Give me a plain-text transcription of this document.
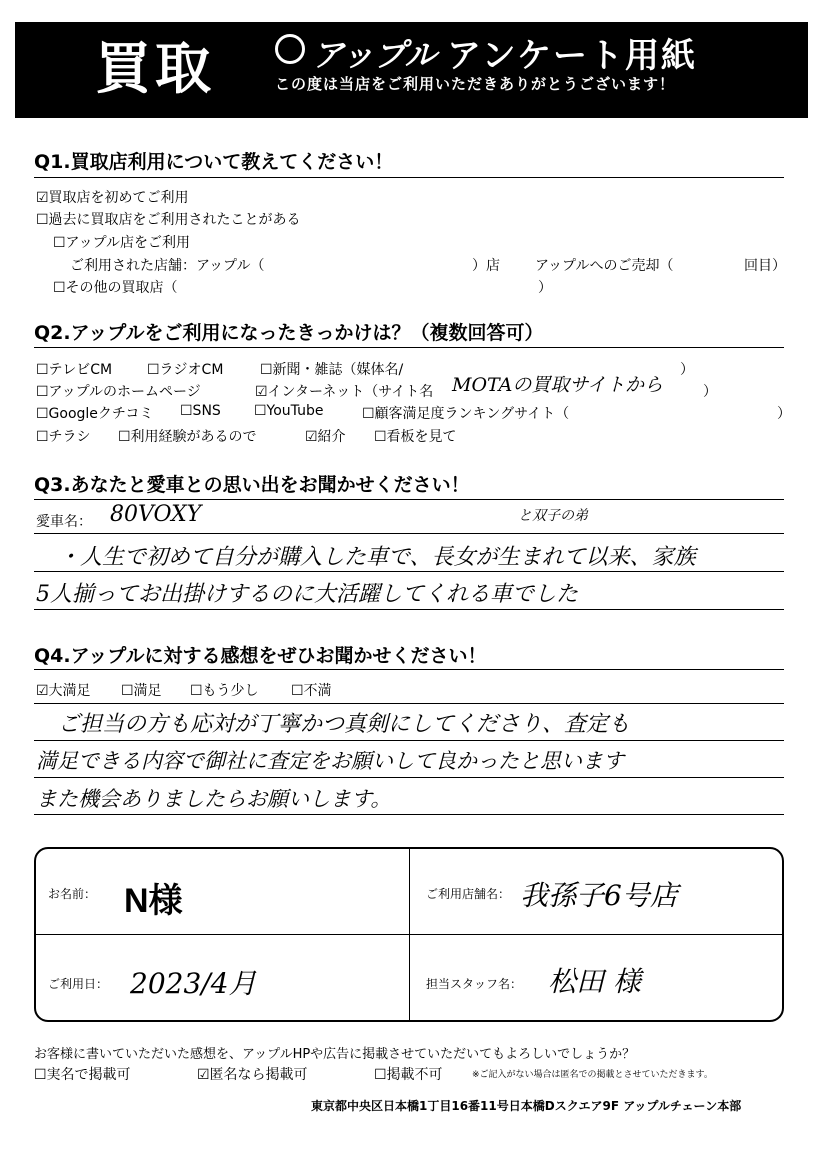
買取	アップル アンケート用紙
この度は当店をご利用いただきありがとうございます！
Q1.買取店利用について教えてください！
☑買取店を初めてご利用
☐過去に買取店をご利用されたことがある
☐アップル店をご利用
ご利用された店舗：アップル（	）店	アップルへのご売却（	回目）
☐その他の買取店（	）
Q2.アップルをご利用になったきっかけは？（複数回答可）
☐テレビCM ☐ラジオCM	☐新聞・雑誌（媒体名/	）
☐アップルのホームページ	☑インターネット（サイト名 MOTAの買取サイトから	）
☐Googleクチコミ ☐SNS ☐YouTube	☐顧客満足度ランキングサイト（	）
☐チラシ ☐利用経験があるので	☑紹介 ☐看板を見て
Q3.あなたと愛車との思い出をお聞かせください！
愛車名： 80VOXY	と双子の弟
・人生で初めて自分が購入した車で、長女が生まれて以来、家族
5人揃ってお出掛けするのに大活躍してくれる車でした
Q4.アップルに対する感想をぜひお聞かせください！
☑大満足 ☐満足 ☐もう少し ☐不満
ご担当の方も応対が丁寧かつ真剣にしてくださり、査定も
満足できる内容で御社に査定をお願いして良かったと思います
また機会ありましたらお願いします。
お名前： N様	ご利用店舗名： 我孫子6号店
ご利用日： 2023/4月	担当スタッフ名： 松田 様
お客様に書いていただいた感想を、アップルHPや広告に掲載させていただいてもよろしいでしょうか？
☐実名で掲載可	☑匿名なら掲載可	☐掲載不可	※ご記入がない場合は匿名での掲載とさせていただきます。
東京都中央区日本橋1丁目16番11号日本橋Dスクエア9F アップルチェーン本部
